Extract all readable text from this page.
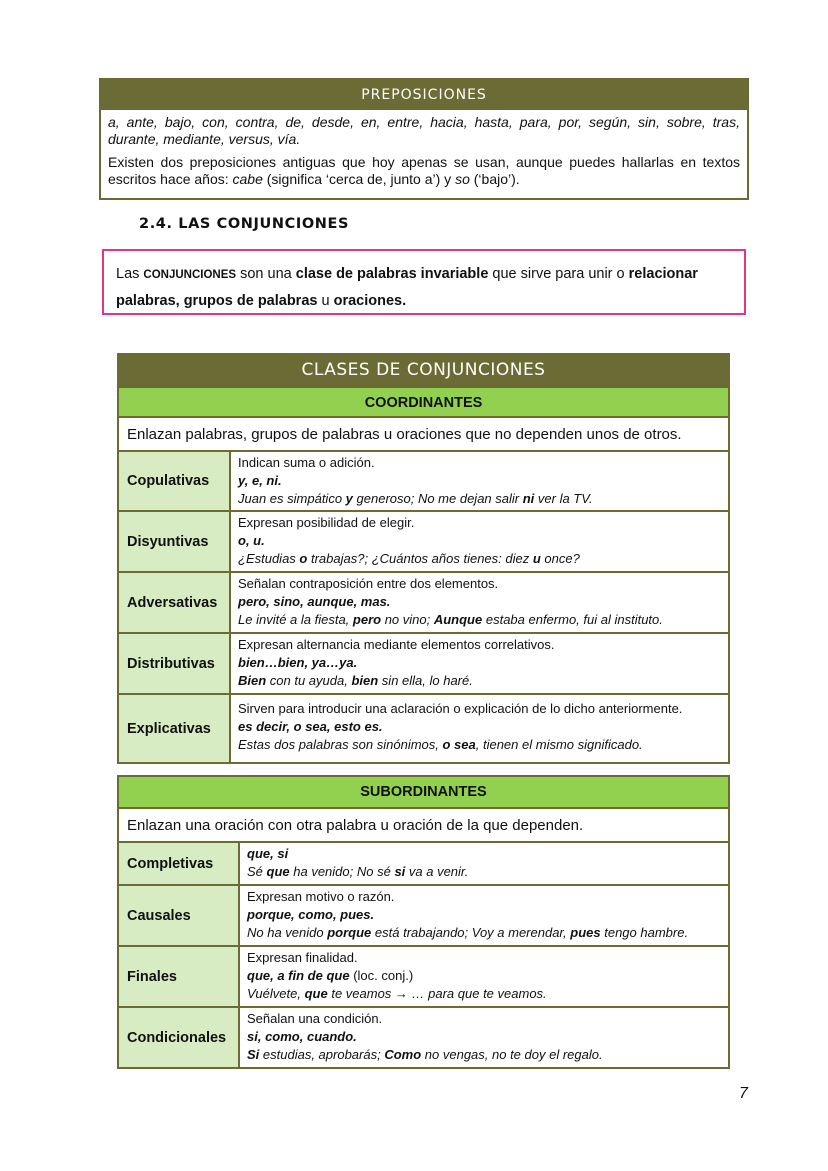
PREPOSICIONES

a, ante, bajo, con, contra, de, desde, en, entre, hacia, hasta, para, por, según, sin, sobre, tras, durante, mediante, versus, vía.

Existen dos preposiciones antiguas que hoy apenas se usan, aunque puedes hallarlas en textos escritos hace años: cabe (significa ‘cerca de, junto a’) y so (‘bajo’).

2.4. LAS CONJUNCIONES
Las CONJUNCIONES son una clase de palabras invariable que sirve para unir o relacionar palabras, grupos de palabras u oraciones.
CLASES DE CONJUNCIONES
COORDINANTES
Enlazan palabras, grupos de palabras u oraciones que no dependen unos de otros.
Copulativas
Indican suma o adición.
y, e, ni.
Juan es simpático y generoso; No me dejan salir ni ver la TV.
Disyuntivas
Expresan posibilidad de elegir.
o, u.
¿Estudias o trabajas?; ¿Cuántos años tienes: diez u once?
Adversativas
Señalan contraposición entre dos elementos.
pero, sino, aunque, mas.
Le invité a la fiesta, pero no vino; Aunque estaba enfermo, fui al instituto.
Distributivas
Expresan alternancia mediante elementos correlativos.
bien…bien, ya…ya.
Bien con tu ayuda, bien sin ella, lo haré.
Explicativas
Sirven para introducir una aclaración o explicación de lo dicho anteriormente.
es decir, o sea, esto es.
Estas dos palabras son sinónimos, o sea, tienen el mismo significado.
SUBORDINANTES
Enlazan una oración con otra palabra u oración de la que dependen.
Completivas
que, si
Sé que ha venido; No sé si va a venir.
Causales
Expresan motivo o razón.
porque, como, pues.
No ha venido porque está trabajando; Voy a merendar, pues tengo hambre.
Finales
Expresan finalidad.
que, a fin de que (loc. conj.)
Vuélvete, que te veamos → … para que te veamos.
Condicionales
Señalan una condición.
si, como, cuando.
Si estudias, aprobarás; Como no vengas, no te doy el regalo.
7
